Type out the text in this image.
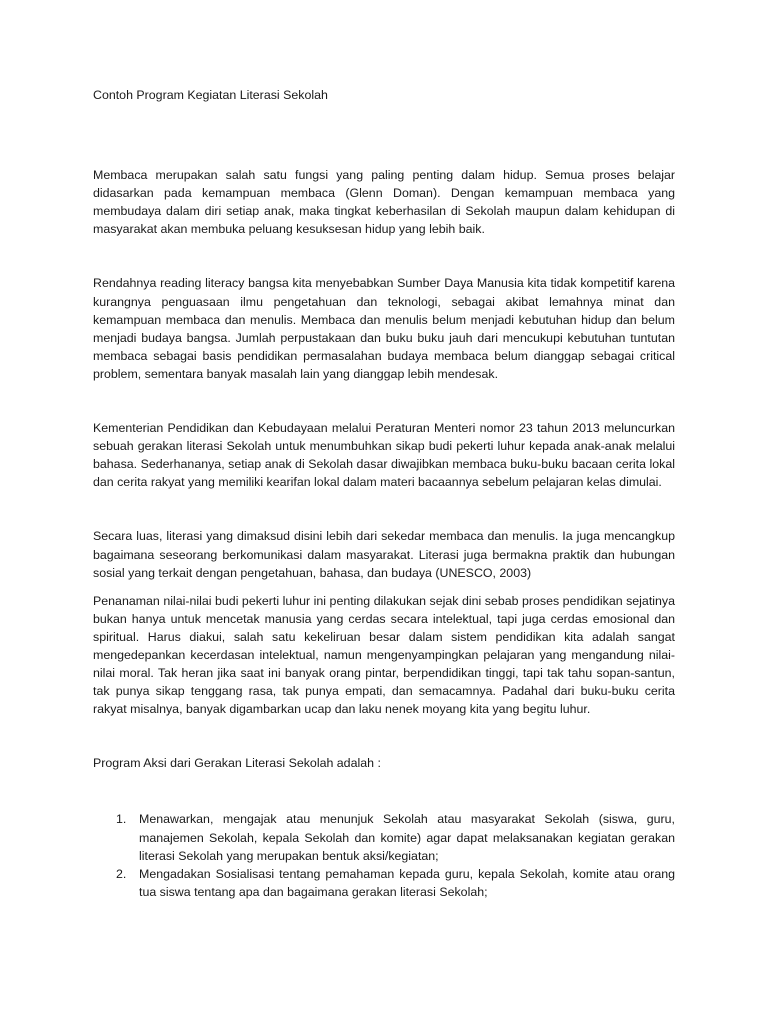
Contoh Program Kegiatan Literasi Sekolah

Membaca merupakan salah satu fungsi yang paling penting dalam hidup. Semua proses belajar didasarkan pada kemampuan membaca (Glenn Doman). Dengan kemampuan membaca yang membudaya dalam diri setiap anak, maka tingkat keberhasilan di Sekolah maupun dalam kehidupan di masyarakat akan membuka peluang kesuksesan hidup yang lebih baik.

Rendahnya reading literacy bangsa kita menyebabkan Sumber Daya Manusia kita tidak kompetitif karena kurangnya penguasaan ilmu pengetahuan dan teknologi, sebagai akibat lemahnya minat dan kemampuan membaca dan menulis. Membaca dan menulis belum menjadi kebutuhan hidup dan belum menjadi budaya bangsa. Jumlah perpustakaan dan buku buku jauh dari mencukupi kebutuhan tuntutan membaca sebagai basis pendidikan permasalahan budaya membaca belum dianggap sebagai critical problem, sementara banyak masalah lain yang dianggap lebih mendesak.

Kementerian Pendidikan dan Kebudayaan melalui Peraturan Menteri nomor 23 tahun 2013 meluncurkan sebuah gerakan literasi Sekolah untuk menumbuhkan sikap budi pekerti luhur kepada anak-anak melalui bahasa. Sederhananya, setiap anak di Sekolah dasar diwajibkan membaca buku-buku bacaan cerita lokal dan cerita rakyat yang memiliki kearifan lokal dalam materi bacaannya sebelum pelajaran kelas dimulai.

Secara luas, literasi yang dimaksud disini lebih dari sekedar membaca dan menulis. Ia juga mencangkup bagaimana seseorang berkomunikasi dalam masyarakat. Literasi juga bermakna praktik dan hubungan sosial yang terkait dengan pengetahuan, bahasa, dan budaya (UNESCO, 2003)

Penanaman nilai-nilai budi pekerti luhur ini penting dilakukan sejak dini sebab proses pendidikan sejatinya bukan hanya untuk mencetak manusia yang cerdas secara intelektual, tapi juga cerdas emosional dan spiritual. Harus diakui, salah satu kekeliruan besar dalam sistem pendidikan kita adalah sangat mengedepankan kecerdasan intelektual, namun mengenyampingkan pelajaran yang mengandung nilai-nilai moral. Tak heran jika saat ini banyak orang pintar, berpendidikan tinggi, tapi tak tahu sopan-santun, tak punya sikap tenggang rasa, tak punya empati, dan semacamnya. Padahal dari buku-buku cerita rakyat misalnya, banyak digambarkan ucap dan laku nenek moyang kita yang begitu luhur.

Program Aksi dari Gerakan Literasi Sekolah adalah :

1. Menawarkan, mengajak atau menunjuk Sekolah atau masyarakat Sekolah (siswa, guru, manajemen Sekolah, kepala Sekolah dan komite) agar dapat melaksanakan kegiatan gerakan literasi Sekolah yang merupakan bentuk aksi/kegiatan;
2. Mengadakan Sosialisasi tentang pemahaman kepada guru, kepala Sekolah, komite atau orang tua siswa tentang apa dan bagaimana gerakan literasi Sekolah;
